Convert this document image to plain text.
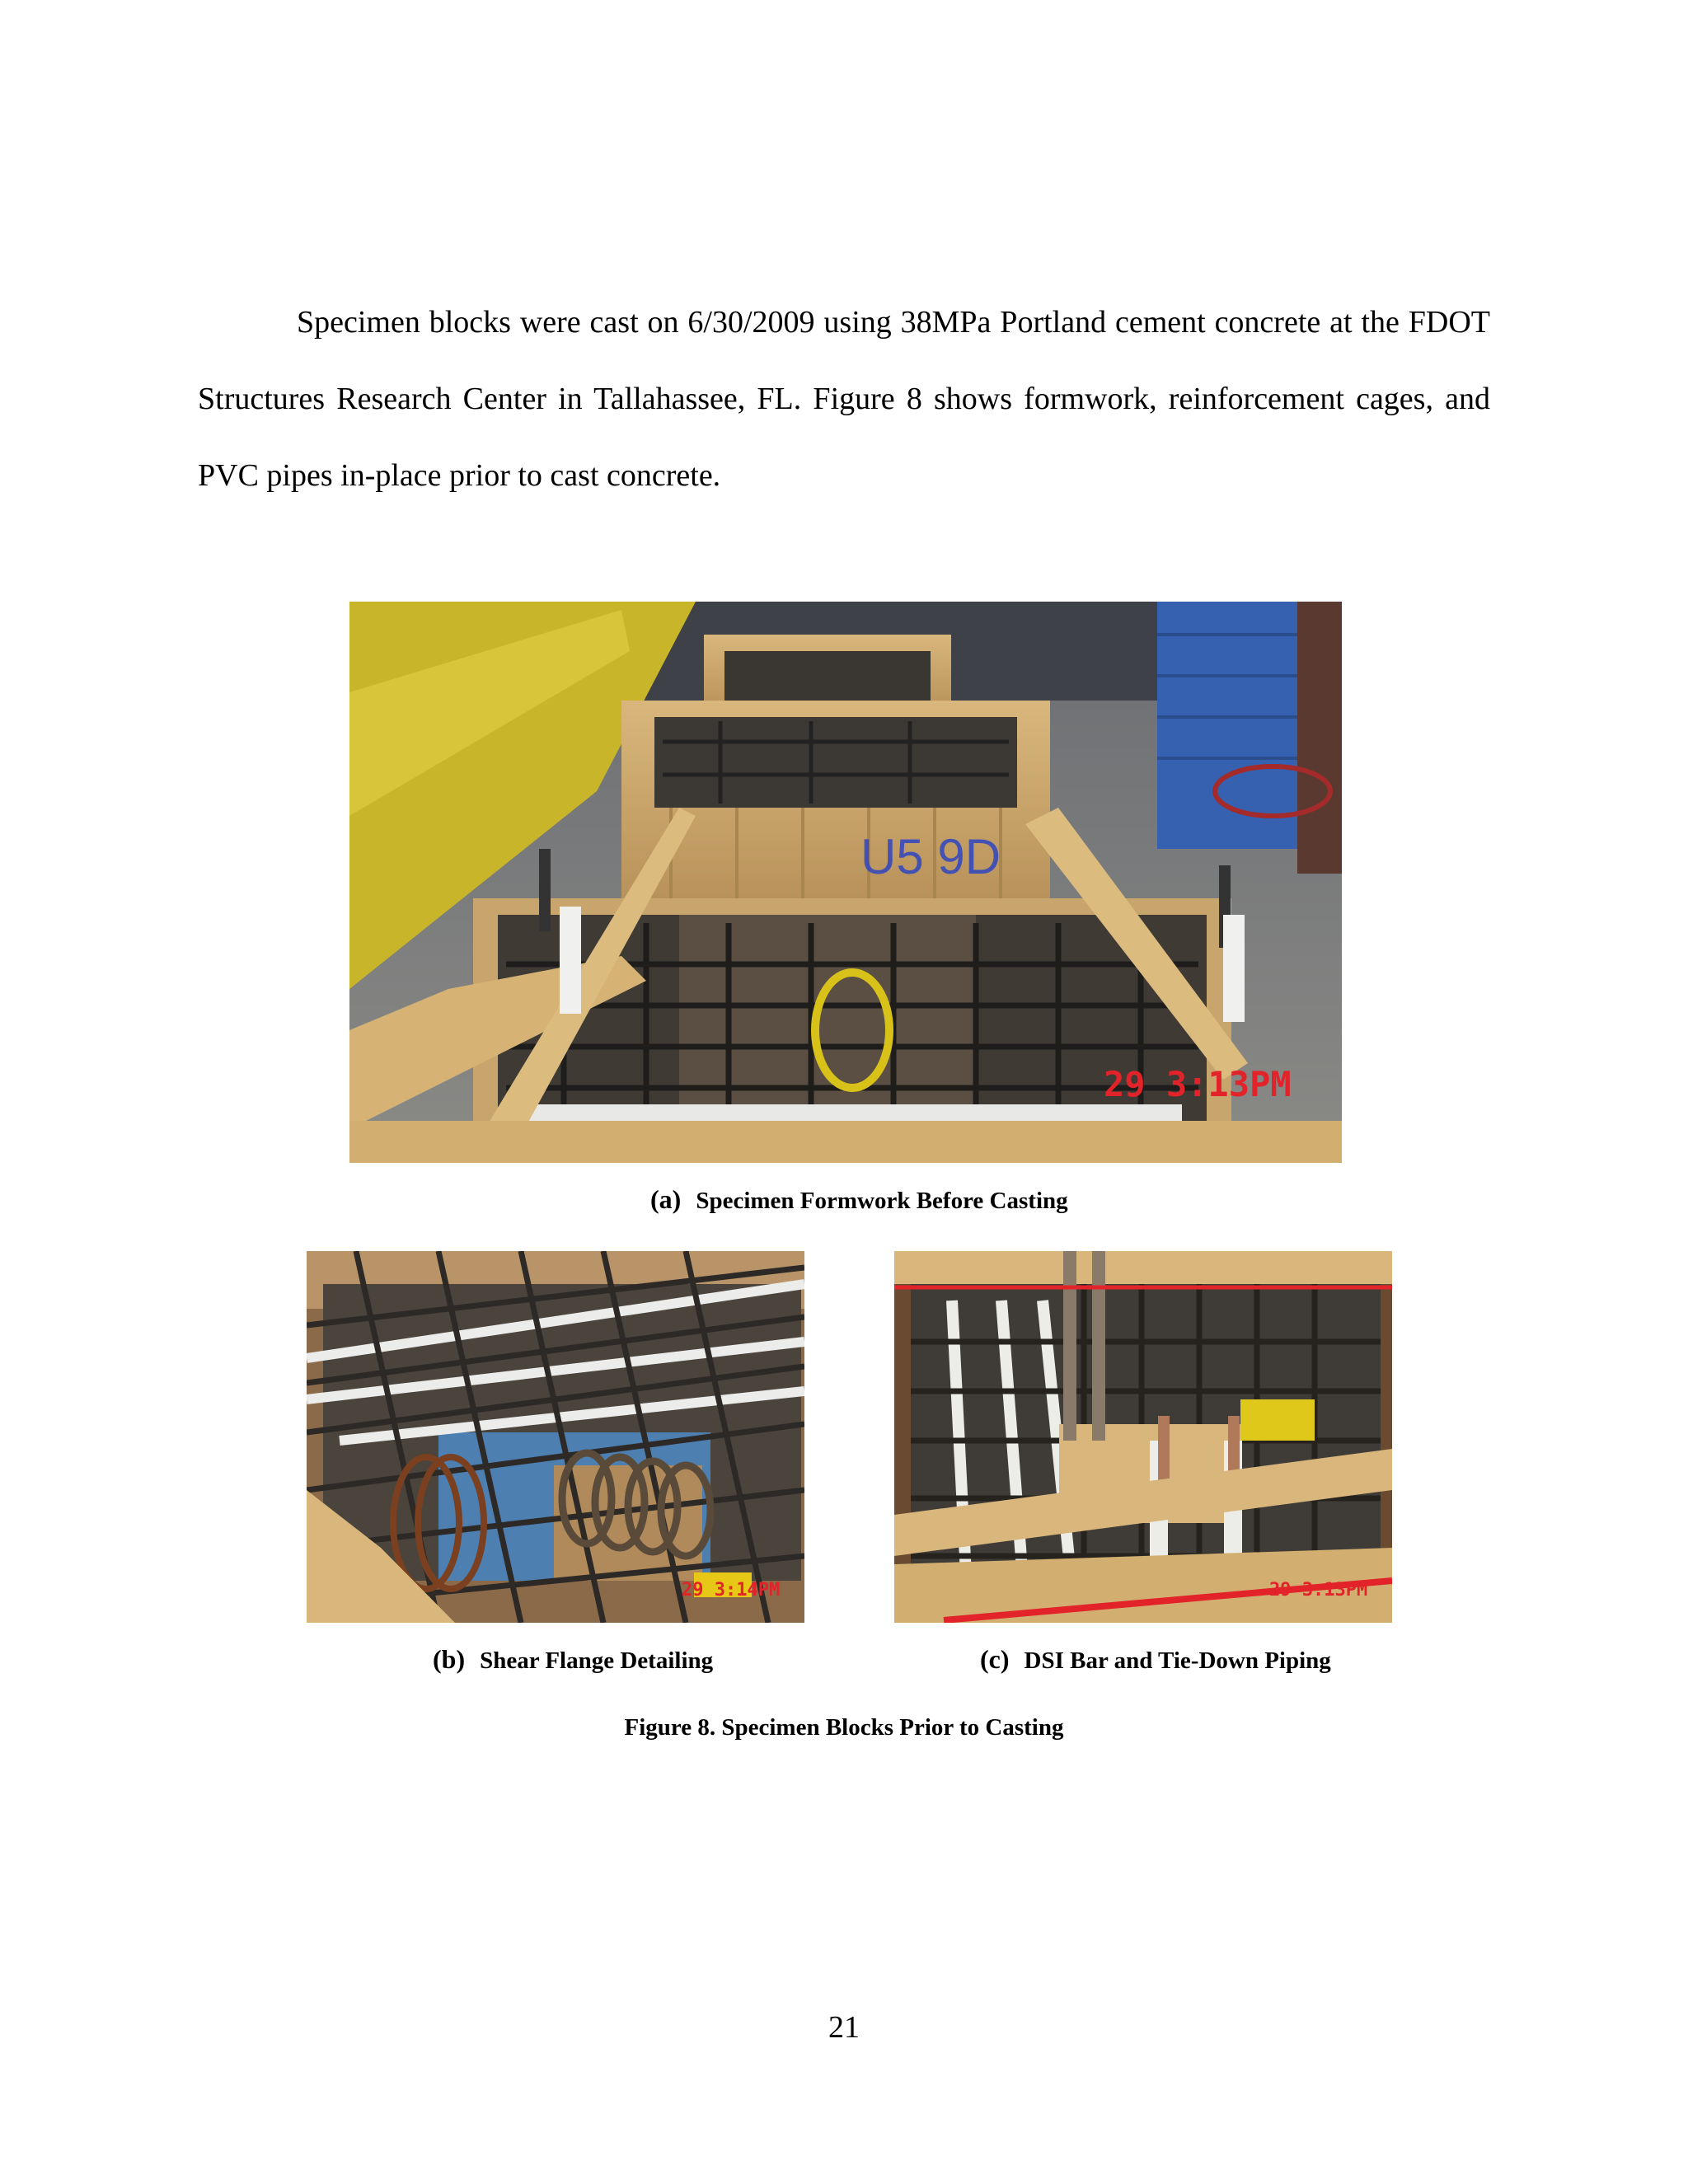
Specimen blocks were cast on 6/30/2009 using 38MPa Portland cement concrete at the FDOT Structures Research Center in Tallahassee, FL. Figure 8 shows formwork, reinforcement cages, and PVC pipes in-place prior to cast concrete.

U5 9D
29 3:13PM
(a) Specimen Formwork Before Casting
29 3:14PM	29 3:13PM
(b) Shear Flange Detailing	(c) DSI Bar and Tie-Down Piping
Figure 8. Specimen Blocks Prior to Casting
21
